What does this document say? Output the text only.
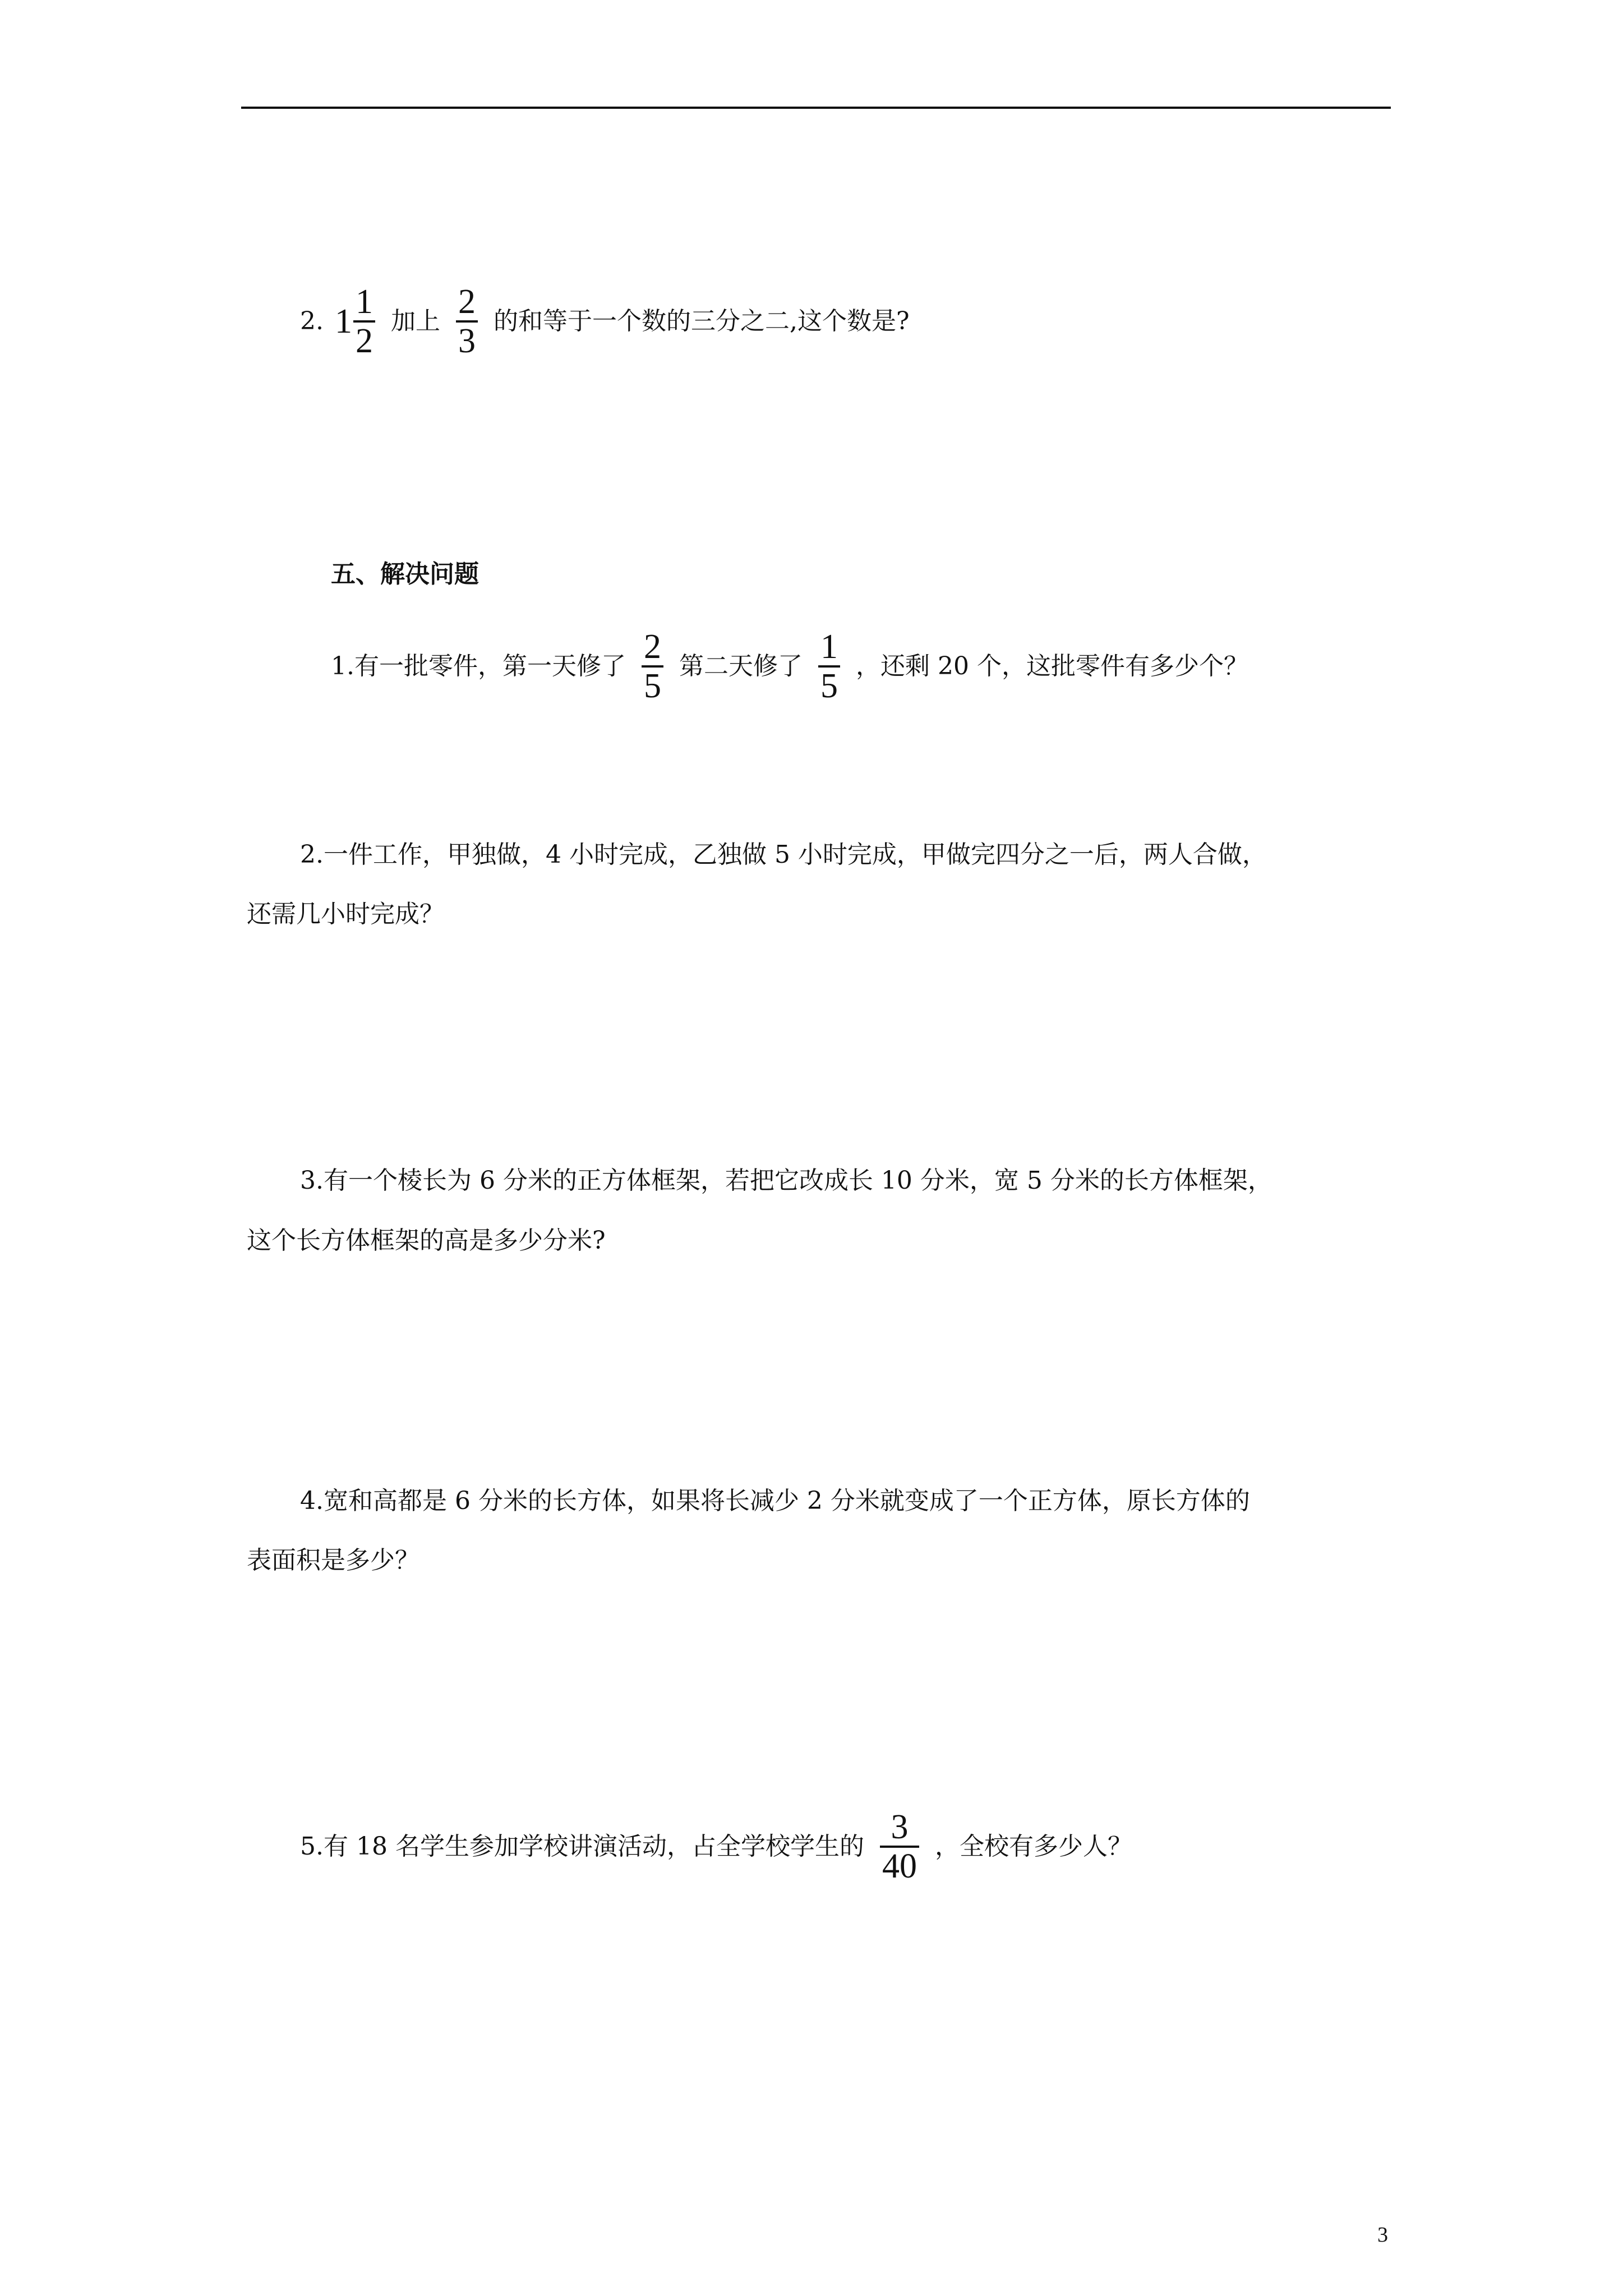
2. $1 \frac{1}{2}$ 加上 $\frac{2}{3}$ 的和等于一个数的三分之二,这个数是?
五、解决问题
1.有一批零件，第一天修了 $\frac{2}{5}$ 第二天修了 $\frac{1}{5}$ ，还剩 20 个，这批零件有多少个？
2.一件工作，甲独做，4 小时完成，乙独做 5 小时完成，甲做完四分之一后，两人合做，
还需几小时完成？
3.有一个棱长为 6 分米的正方体框架，若把它改成长 10 分米，宽 5 分米的长方体框架，
这个长方体框架的高是多少分米?
4.宽和高都是 6 分米的长方体，如果将长减少 2 分米就变成了一个正方体，原长方体的
表面积是多少？
5.有 18 名学生参加学校讲演活动，占全学校学生的 $\frac{3}{40}$ ，全校有多少人？
3
